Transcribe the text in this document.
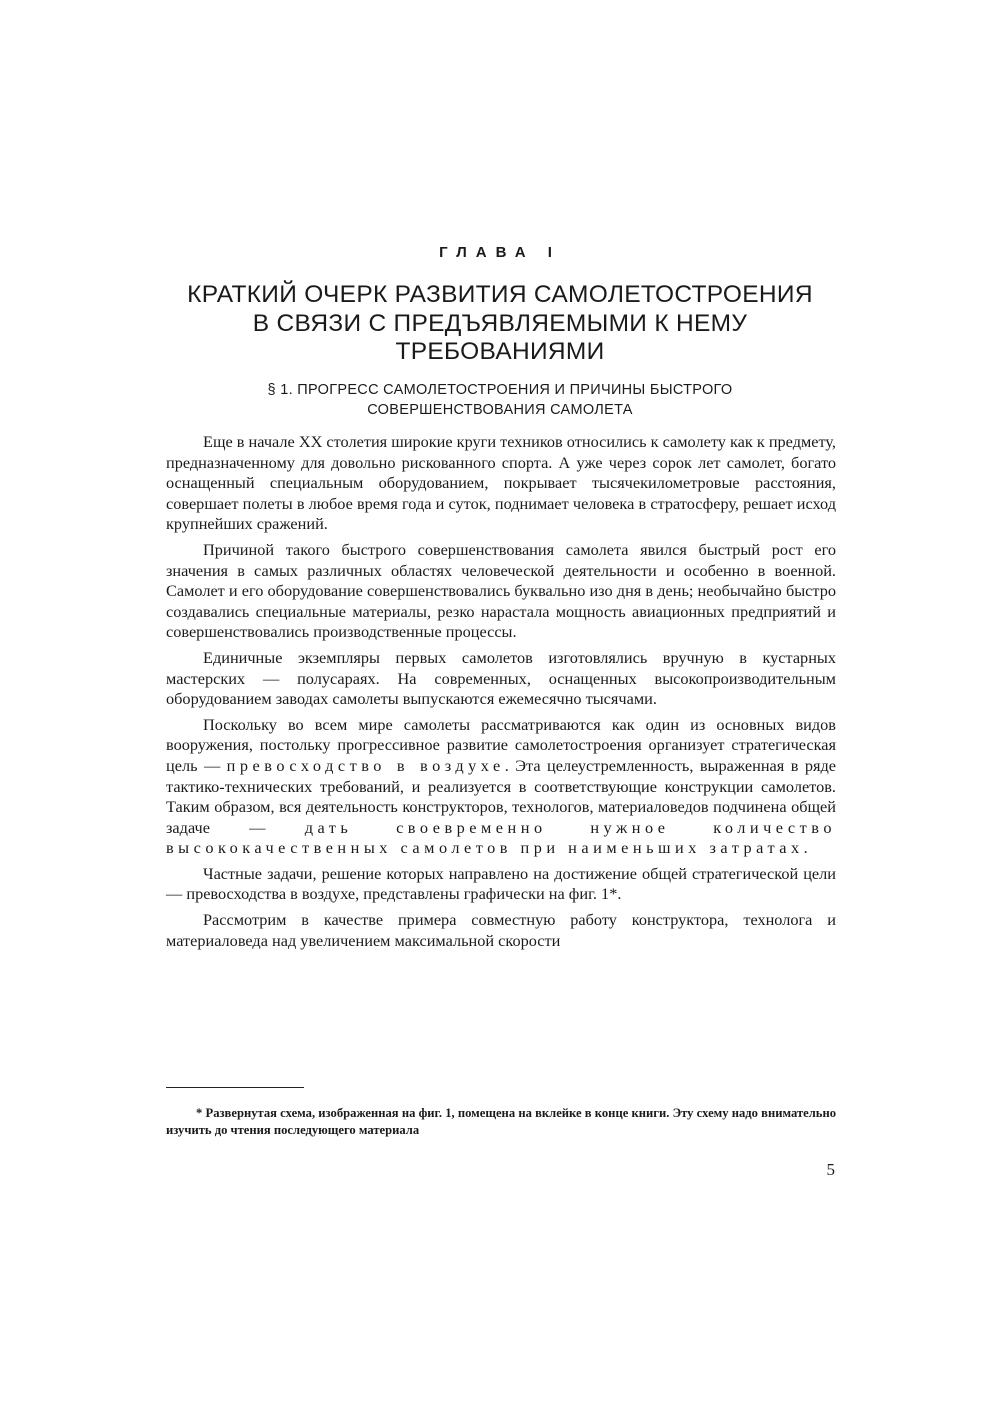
ГЛАВА I
КРАТКИЙ ОЧЕРК РАЗВИТИЯ САМОЛЕТОСТРОЕНИЯ
В СВЯЗИ С ПРЕДЪЯВЛЯЕМЫМИ К НЕМУ
ТРЕБОВАНИЯМИ
§ 1. ПРОГРЕСС САМОЛЕТОСТРОЕНИЯ И ПРИЧИНЫ БЫСТРОГО
СОВЕРШЕНСТВОВАНИЯ САМОЛЕТА

Еще в начале XX столетия широкие круги техников относились к самолету как к предмету, предназначенному для довольно рискованного спорта. А уже через сорок лет самолет, богато оснащенный специальным оборудованием, покрывает тысячекилометровые расстояния, совершает полеты в любое время года и суток, поднимает человека в стратосферу, решает исход крупнейших сражений.

Причиной такого быстрого совершенствования самолета явился быстрый рост его значения в самых различных областях человеческой деятельности и особенно в военной. Самолет и его оборудование совершенствовались буквально изо дня в день; необычайно быстро создавались специальные материалы, резко нарастала мощность авиационных предприятий и совершенствовались производственные процессы.

Единичные экземпляры первых самолетов изготовлялись вручную в кустарных мастерских — полусараях. На современных, оснащенных высокопроизводительным оборудованием заводах самолеты выпускаются ежемесячно тысячами.

Поскольку во всем мире самолеты рассматриваются как один из основных видов вооружения, постольку прогрессивное развитие самолетостроения организует стратегическая цель — превосходство в воздухе. Эта целеустремленность, выраженная в ряде тактико-технических требований, и реализуется в соответствующие конструкции самолетов. Таким образом, вся деятельность конструкторов, технологов, материаловедов подчинена общей задаче — дать своевременно нужное количество высококачественных самолетов при наименьших затратах.

Частные задачи, решение которых направлено на достижение общей стратегической цели — превосходства в воздухе, представлены графически на фиг. 1*.

Рассмотрим в качестве примера совместную работу конструктора, технолога и материаловеда над увеличением максимальной скорости

* Развернутая схема, изображенная на фиг. 1, помещена на вклейке в конце книги. Эту схему надо внимательно изучить до чтения последующего материала
5
